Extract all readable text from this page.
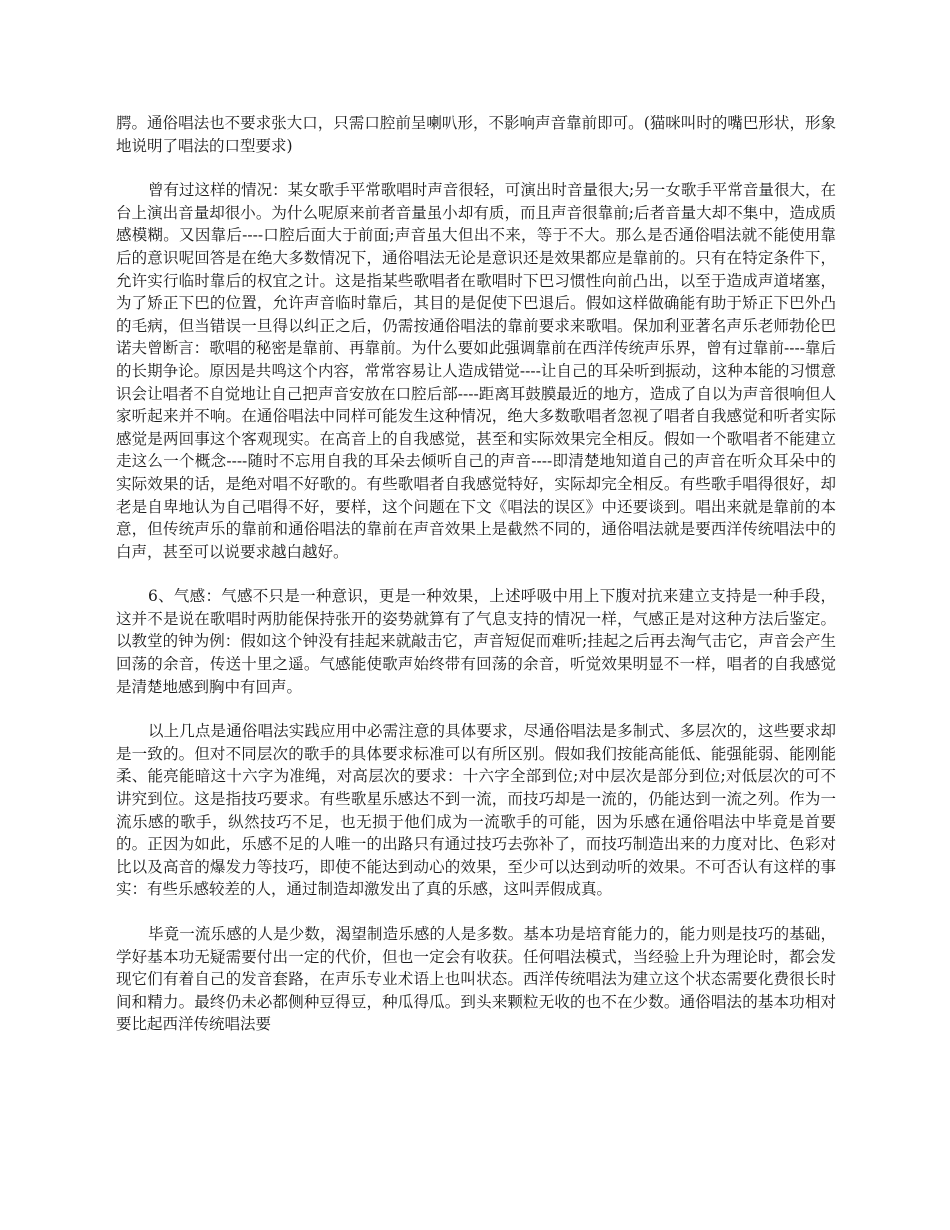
腭。通俗唱法也不要求张大口，只需口腔前呈喇叭形，不影响声音靠前即可。(猫咪叫时的嘴巴形状，形象地说明了唱法的口型要求)

曾有过这样的情况：某女歌手平常歌唱时声音很轻，可演出时音量很大;另一女歌手平常音量很大，在台上演出音量却很小。为什么呢原来前者音量虽小却有质，而且声音很靠前;后者音量大却不集中，造成质感模糊。又因靠后----口腔后面大于前面;声音虽大但出不来，等于不大。那么是否通俗唱法就不能使用靠后的意识呢回答是在绝大多数情况下，通俗唱法无论是意识还是效果都应是靠前的。只有在特定条件下，允许实行临时靠后的权宜之计。这是指某些歌唱者在歌唱时下巴习惯性向前凸出，以至于造成声道堵塞，为了矫正下巴的位置，允许声音临时靠后，其目的是促使下巴退后。假如这样做确能有助于矫正下巴外凸的毛病，但当错误一旦得以纠正之后，仍需按通俗唱法的靠前要求来歌唱。保加利亚著名声乐老师勃伦巴诺夫曾断言：歌唱的秘密是靠前、再靠前。为什么要如此强调靠前在西洋传统声乐界，曾有过靠前----靠后的长期争论。原因是共鸣这个内容，常常容易让人造成错觉----让自己的耳朵听到振动，这种本能的习惯意识会让唱者不自觉地让自己把声音安放在口腔后部----距离耳鼓膜最近的地方，造成了自以为声音很响但人家听起来并不响。在通俗唱法中同样可能发生这种情况，绝大多数歌唱者忽视了唱者自我感觉和听者实际感觉是两回事这个客观现实。在高音上的自我感觉，甚至和实际效果完全相反。假如一个歌唱者不能建立走这么一个概念----随时不忘用自我的耳朵去倾听自己的声音----即清楚地知道自己的声音在听众耳朵中的实际效果的话，是绝对唱不好歌的。有些歌唱者自我感觉特好，实际却完全相反。有些歌手唱得很好，却老是自卑地认为自己唱得不好，要样，这个问题在下文《唱法的误区》中还要谈到。唱出来就是靠前的本意，但传统声乐的靠前和通俗唱法的靠前在声音效果上是截然不同的，通俗唱法就是要西洋传统唱法中的白声，甚至可以说要求越白越好。

6、气感：气感不只是一种意识，更是一种效果，上述呼吸中用上下腹对抗来建立支持是一种手段，这并不是说在歌唱时两肋能保持张开的姿势就算有了气息支持的情况一样，气感正是对这种方法后鉴定。以教堂的钟为例：假如这个钟没有挂起来就敲击它，声音短促而难听;挂起之后再去淘气击它，声音会产生回荡的余音，传送十里之遥。气感能使歌声始终带有回荡的余音，听觉效果明显不一样，唱者的自我感觉是清楚地感到胸中有回声。

以上几点是通俗唱法实践应用中必需注意的具体要求，尽通俗唱法是多制式、多层次的，这些要求却是一致的。但对不同层次的歌手的具体要求标准可以有所区别。假如我们按能高能低、能强能弱、能刚能柔、能亮能暗这十六字为准绳，对高层次的要求：十六字全部到位;对中层次是部分到位;对低层次的可不讲究到位。这是指技巧要求。有些歌星乐感达不到一流，而技巧却是一流的，仍能达到一流之列。作为一流乐感的歌手，纵然技巧不足，也无损于他们成为一流歌手的可能，因为乐感在通俗唱法中毕竟是首要的。正因为如此，乐感不足的人唯一的出路只有通过技巧去弥补了，而技巧制造出来的力度对比、色彩对比以及高音的爆发力等技巧，即使不能达到动心的效果，至少可以达到动听的效果。不可否认有这样的事实：有些乐感较差的人，通过制造却激发出了真的乐感，这叫弄假成真。

毕竟一流乐感的人是少数，渴望制造乐感的人是多数。基本功是培育能力的，能力则是技巧的基础，学好基本功无疑需要付出一定的代价，但也一定会有收获。任何唱法模式，当经验上升为理论时，都会发现它们有着自己的发音套路，在声乐专业术语上也叫状态。西洋传统唱法为建立这个状态需要化费很长时间和精力。最终仍未必都侧种豆得豆，种瓜得瓜。到头来颗粒无收的也不在少数。通俗唱法的基本功相对要比起西洋传统唱法要
